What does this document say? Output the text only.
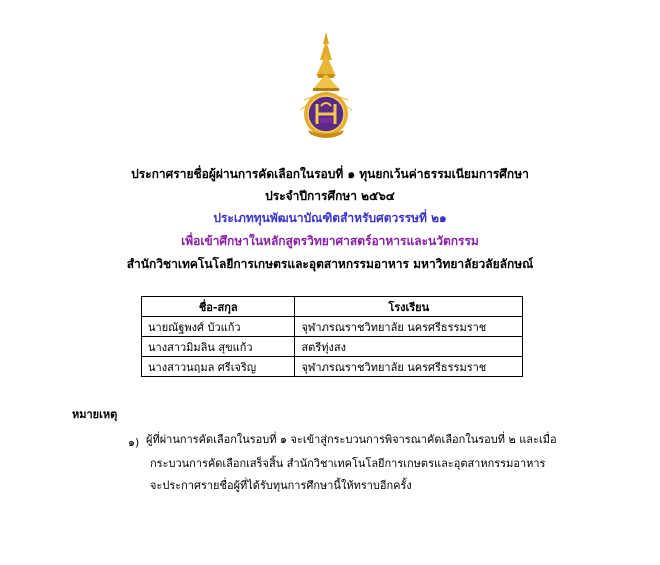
ประกาศรายชื่อผู้ผ่านการคัดเลือกในรอบที่ ๑ ทุนยกเว้นค่าธรรมเนียมการศึกษา
ประจำปีการศึกษา ๒๕๖๔
ประเภททุนพัฒนาบัณฑิตสำหรับศตวรรษที่ ๒๑
เพื่อเข้าศึกษาในหลักสูตรวิทยาศาสตร์อาหารและนวัตกรรม
สำนักวิชาเทคโนโลยีการเกษตรและอุตสาหกรรมอาหาร มหาวิทยาลัยวลัยลักษณ์
ชื่อ-สกุล	โรงเรียน
นายณัฐพงศ์ บัวแก้ว	จุฬาภรณราชวิทยาลัย นครศรีธรรมราช
นางสาวมิมลิน สุขแก้ว	สตรีทุ่งสง
นางสาวนฤมล ศรีเจริญ	จุฬาภรณราชวิทยาลัย นครศรีธรรมราช
หมายเหตุ
๑) ผู้ที่ผ่านการคัดเลือกในรอบที่ ๑ จะเข้าสู่กระบวนการพิจารณาคัดเลือกในรอบที่ ๒ และเมื่อ
กระบวนการคัดเลือกเสร็จสิ้น สำนักวิชาเทคโนโลยีการเกษตรและอุตสาหกรรมอาหาร
จะประกาศรายชื่อผู้ที่ได้รับทุนการศึกษานี้ให้ทราบอีกครั้ง
